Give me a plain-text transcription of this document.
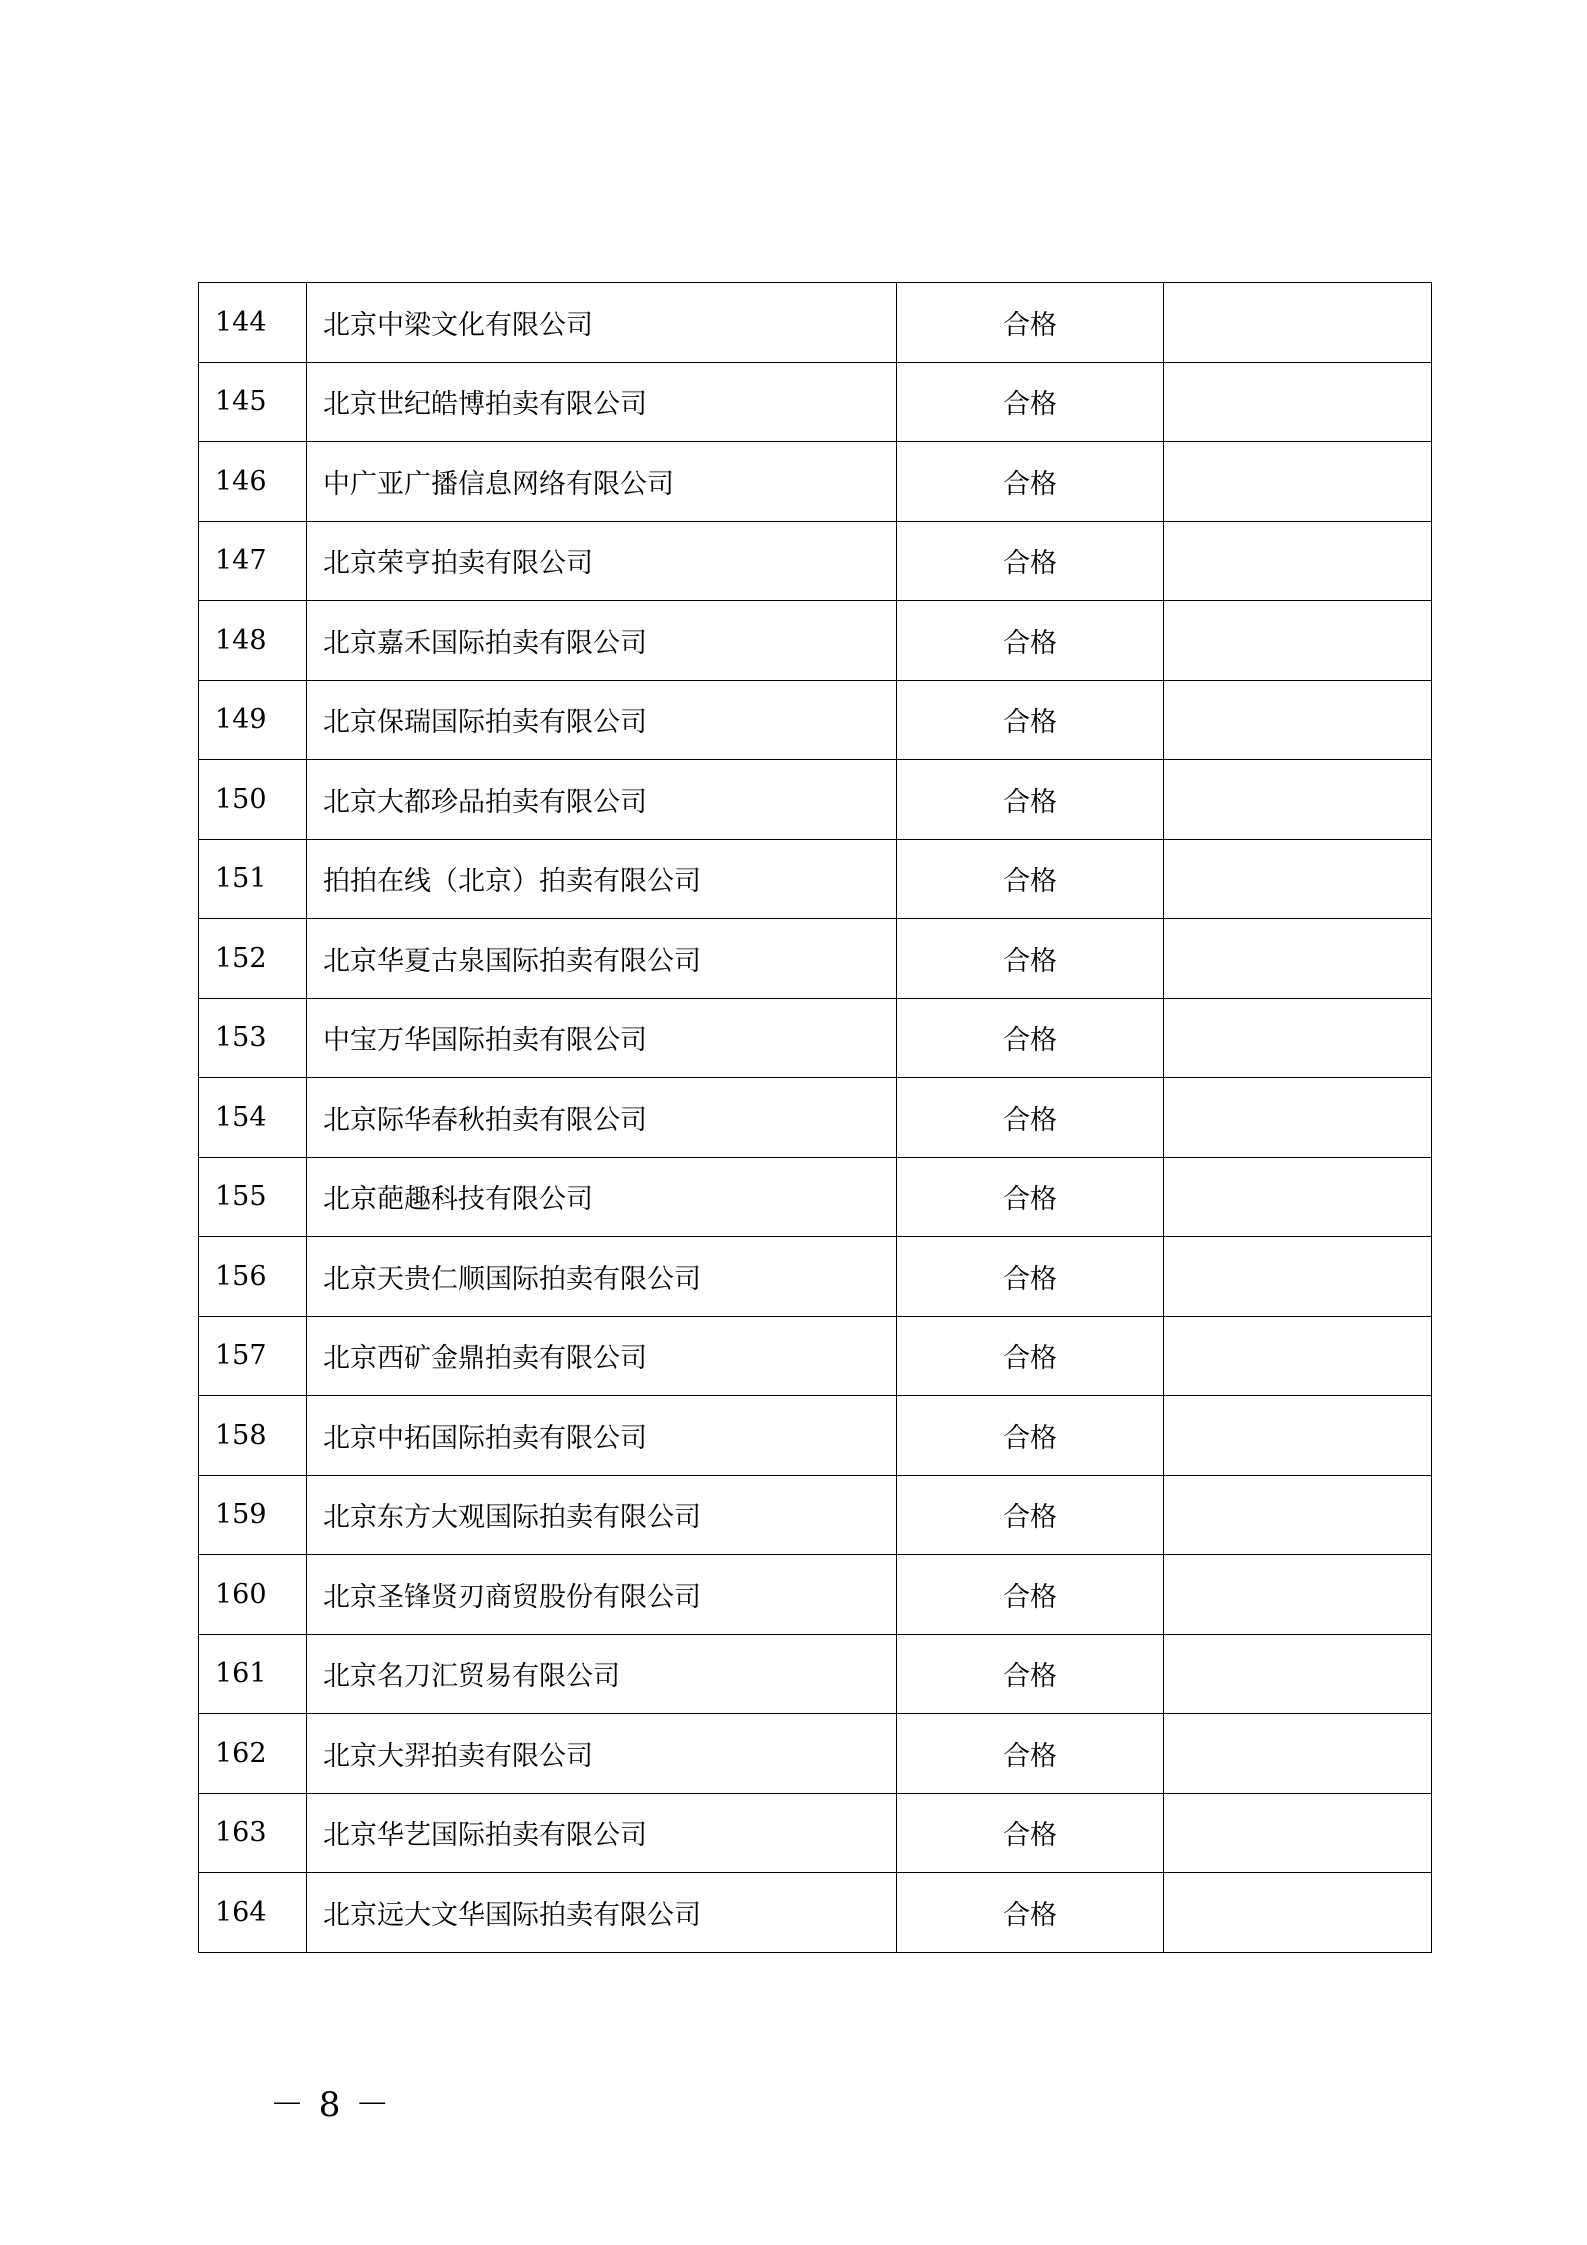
144	北京中梁文化有限公司	合格	
145	北京世纪皓博拍卖有限公司	合格	
146	中广亚广播信息网络有限公司	合格	
147	北京荣亨拍卖有限公司	合格	
148	北京嘉禾国际拍卖有限公司	合格	
149	北京保瑞国际拍卖有限公司	合格	
150	北京大都珍品拍卖有限公司	合格	
151	拍拍在线（北京）拍卖有限公司	合格	
152	北京华夏古泉国际拍卖有限公司	合格	
153	中宝万华国际拍卖有限公司	合格	
154	北京际华春秋拍卖有限公司	合格	
155	北京葩趣科技有限公司	合格	
156	北京天贵仁顺国际拍卖有限公司	合格	
157	北京西矿金鼎拍卖有限公司	合格	
158	北京中拓国际拍卖有限公司	合格	
159	北京东方大观国际拍卖有限公司	合格	
160	北京圣锋贤刃商贸股份有限公司	合格	
161	北京名刀汇贸易有限公司	合格	
162	北京大羿拍卖有限公司	合格	
163	北京华艺国际拍卖有限公司	合格	
164	北京远大文华国际拍卖有限公司	合格	
－ 8 －
